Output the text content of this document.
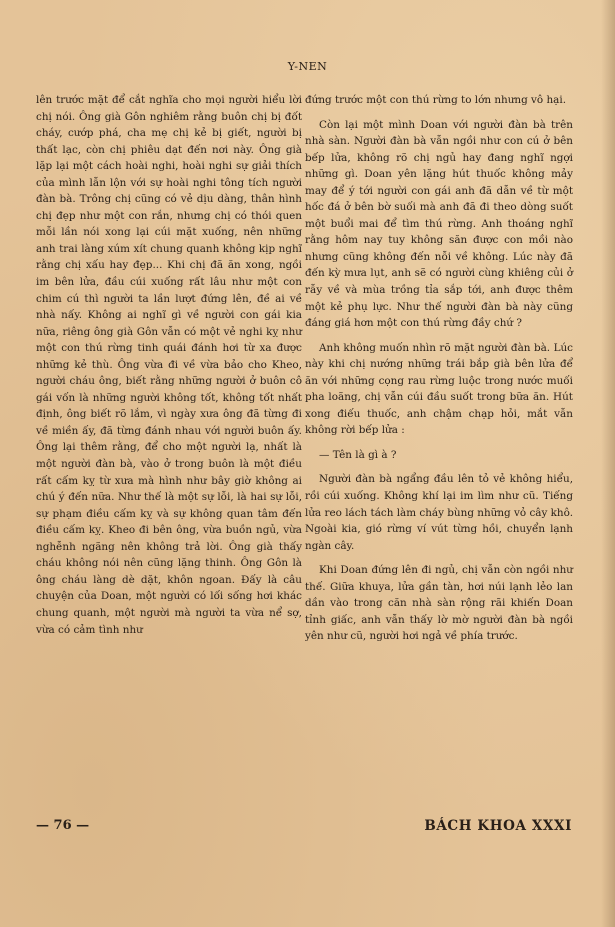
Y-NEN

lên trước mặt để cắt nghĩa cho mọi người hiểu lời chị nói. Ông già Gôn nghiêm rằng buôn chị bị đốt cháy, cướp phá, cha mẹ chị kẻ bị giết, người bị thất lạc, còn chị phiêu dạt đến nơi này. Ông già lặp lại một cách hoài nghi, hoài nghi sự giải thích của mình lẫn lộn với sự hoài nghi tông tích người đàn bà. Trông chị cũng có vẻ dịu dàng, thân hình chị đẹp như một con rắn, nhưng chị có thói quen mỗi lần nói xong lại cúi mặt xuống, nên những anh trai làng xúm xít chung quanh không kịp nghĩ rằng chị xấu hay đẹp... Khi chị đã ăn xong, ngồi im bên lửa, đầu cúi xuống rất lâu như một con chim cú thì người ta lần lượt đứng lên, đề ai về nhà nấy. Không ai nghĩ gì về người con gái kia nữa, riêng ông già Gôn vẫn có một vẻ nghi kỵ như một con thú rừng tinh quái đánh hơi từ xa được những kẻ thù. Ông vừa đi về vừa bảo cho Kheo, người cháu ông, biết rằng những người ở buôn cô gái vốn là những người không tốt, không tốt nhất định, ông biết rõ lắm, vì ngày xưa ông đã từng đi về miền ấy, đã từng đánh nhau với người buôn ấy. Ông lại thêm rằng, để cho một người lạ, nhất là một người đàn bà, vào ở trong buôn là một điều rất cấm kỵ từ xưa mà hình như bây giờ không ai chú ý đến nữa. Như thế là một sự lỗi, là hai sự lỗi, sự phạm điều cấm kỵ và sự không quan tâm đến điều cấm kỵ. Kheo đi bên ông, vừa buồn ngủ, vừa nghễnh ngãng nên không trả lời. Ông già thấy cháu không nói nên cũng lặng thinh. Ông Gôn là ông cháu làng dè dặt, khôn ngoan. Đấy là câu chuyện của Doan, một người có lối sống hơi khác chung quanh, một người mà người ta vừa nể sợ, vừa có cảm tình như

đứng trước một con thú rừng to lớn nhưng vô hại.

Còn lại một mình Doan với người đàn bà trên nhà sàn. Người đàn bà vẫn ngồi như con cú ở bên bếp lửa, không rõ chị ngủ hay đang nghĩ ngợi những gì. Doan yên lặng hút thuốc không mảy may để ý tới người con gái anh đã dẫn về từ một hốc đá ở bên bờ suối mà anh đã đi theo dòng suốt một buổi mai để tìm thú rừng. Anh thoáng nghĩ rằng hôm nay tuy không săn được con mồi nào nhưng cũng không đến nỗi về không. Lúc này đã đến kỳ mưa lụt, anh sẽ có người cùng khiêng củi ở rẫy về và mùa trồng tỉa sắp tới, anh được thêm một kẻ phụ lực. Như thế người đàn bà này cũng đáng giá hơn một con thú rừng đầy chứ ?

Anh không muốn nhìn rõ mặt người đàn bà. Lúc này khi chị nướng những trái bắp già bên lửa để ăn với những cọng rau rừng luộc trong nước muối pha loãng, chị vẫn cúi đầu suốt trong bữa ăn. Hút xong điếu thuốc, anh chậm chạp hỏi, mắt vẫn không rời bếp lửa :

— Tên là gì à ?

Người đàn bà ngẩng đầu lên tỏ vẻ không hiểu, rồi cúi xuống. Không khí lại im lìm như cũ. Tiếng lửa reo lách tách làm cháy bùng những vỏ cây khô. Ngoài kia, gió rừng ví vút từng hồi, chuyển lạnh ngàn cây.

Khi Doan đứng lên đi ngủ, chị vẫn còn ngồi như thế. Giữa khuya, lửa gần tàn, hơi núi lạnh lẻo lan dần vào trong căn nhà sàn rộng rãi khiến Doan tỉnh giấc, anh vẫn thấy lờ mờ người đàn bà ngồi yên như cũ, người hơi ngả về phía trước.

— 76 —	BÁCH KHOA XXXI
